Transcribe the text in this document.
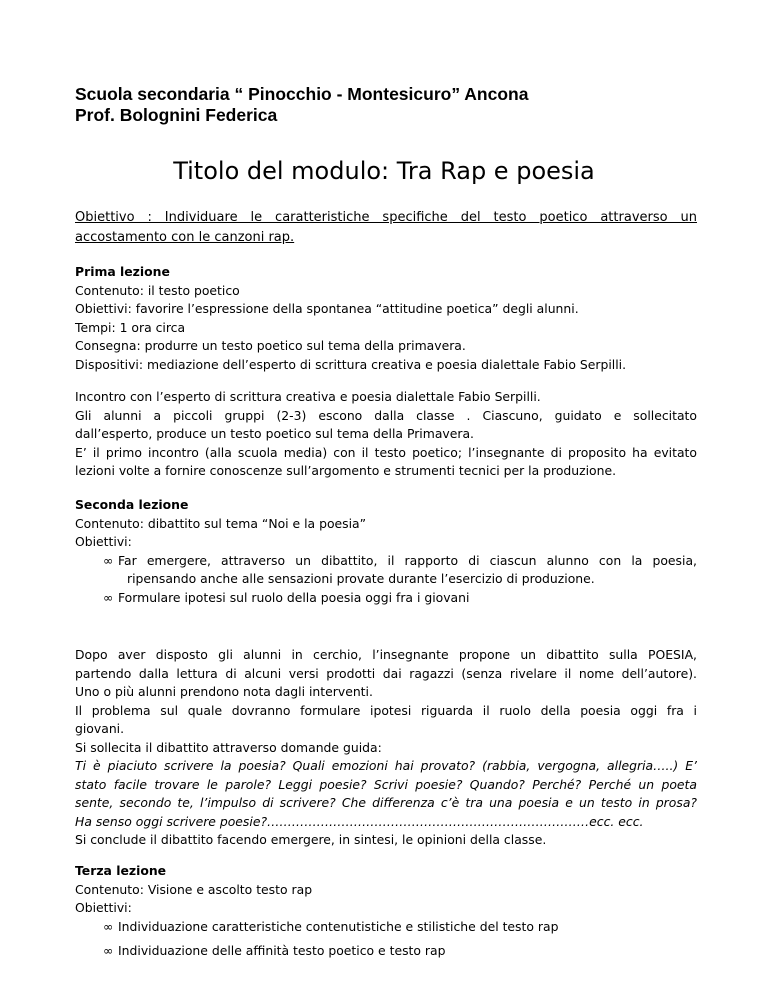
Scuola secondaria “ Pinocchio - Montesicuro” Ancona
Prof. Bolognini Federica
Titolo del modulo: Tra Rap e poesia
Obiettivo : Individuare le caratteristiche specifiche del testo poetico attraverso un
accostamento con le canzoni rap.
Prima lezione
Contenuto: il testo poetico
Obiettivi: favorire l’espressione della spontanea “attitudine poetica” degli alunni.
Tempi: 1 ora circa
Consegna: produrre un testo poetico sul tema della primavera.
Dispositivi: mediazione dell’esperto di scrittura creativa e poesia dialettale Fabio Serpilli.
Incontro con l’esperto di scrittura creativa e poesia dialettale Fabio Serpilli.
Gli alunni a piccoli gruppi (2-3) escono dalla classe . Ciascuno, guidato e sollecitato
dall’esperto, produce un testo poetico sul tema della Primavera.
E’ il primo incontro (alla scuola media) con il testo poetico; l’insegnante di proposito ha evitato
lezioni volte a fornire conoscenze sull’argomento e strumenti tecnici per la produzione.
Seconda lezione
Contenuto: dibattito sul tema “Noi e la poesia”
Obiettivi:
∞ Far emergere, attraverso un dibattito, il rapporto di ciascun alunno con la poesia,
ripensando anche alle sensazioni provate durante l’esercizio di produzione.
∞ Formulare ipotesi sul ruolo della poesia oggi fra i giovani
Dopo aver disposto gli alunni in cerchio, l’insegnante propone un dibattito sulla POESIA,
partendo dalla lettura di alcuni versi prodotti dai ragazzi (senza rivelare il nome dell’autore).
Uno o più alunni prendono nota dagli interventi.
Il problema sul quale dovranno formulare ipotesi riguarda il ruolo della poesia oggi fra i
giovani.
Si sollecita il dibattito attraverso domande guida:
Ti è piaciuto scrivere la poesia? Quali emozioni hai provato? (rabbia, vergogna, allegria…..) E’
stato facile trovare le parole? Leggi poesie? Scrivi poesie? Quando? Perché? Perché un poeta
sente, secondo te, l’impulso di scrivere? Che differenza c’è tra una poesia e un testo in prosa?
Ha senso oggi scrivere poesie?……………………………………………………………………ecc. ecc.
Si conclude il dibattito facendo emergere, in sintesi, le opinioni della classe.
Terza lezione
Contenuto: Visione e ascolto testo rap
Obiettivi:
∞ Individuazione caratteristiche contenutistiche e stilistiche del testo rap
∞ Individuazione delle affinità testo poetico e testo rap
